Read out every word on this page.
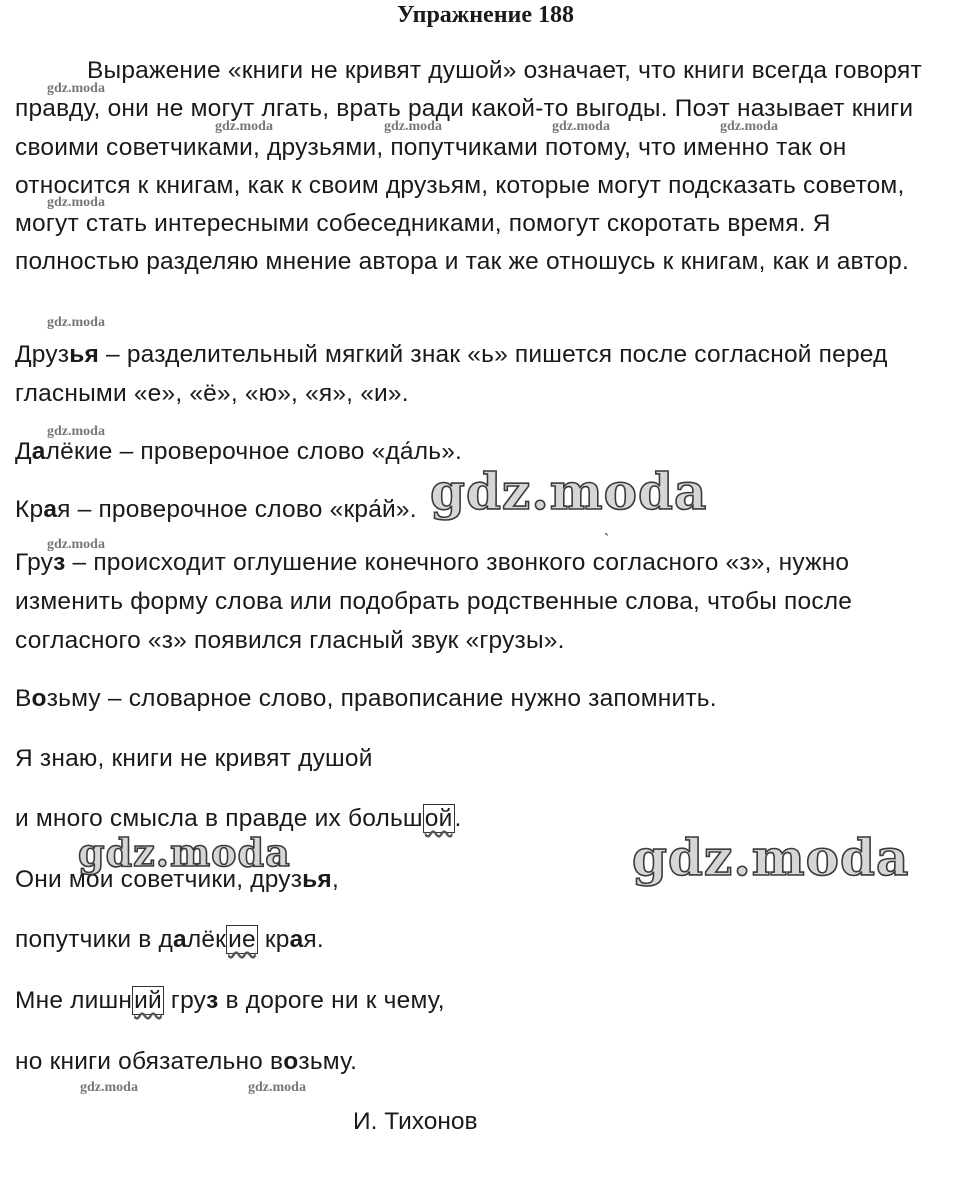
Упражнение 188
Выражение «книги не кривят душой» означает, что книги всегда говорят правду, они не могут лгать, врать ради какой-то выгоды. Поэт называет книги своими советчиками, друзьями, попутчиками потому, что именно так он относится к книгам, как к своим друзьям, которые могут подсказать советом, могут стать интересными собеседниками, помогут скоротать время. Я полностью разделяю мнение автора и так же отношусь к книгам, как и автор.
Друзья – разделительный мягкий знак «ь» пишется после согласной перед
гласными «е», «ё», «ю», «я», «и».
Далёкие – проверочное слово «да́ль».
Края – проверочное слово «кра́й».
`
Груз – происходит оглушение конечного звонкого согласного «з», нужно
изменить форму слова или подобрать родственные слова, чтобы после
согласного «з» появился гласный звук «грузы».
Возьму – словарное слово, правописание нужно запомнить.
Я знаю, книги не кривят душой
и много смысла в правде их большой.
Они мои советчики, друзья,
попутчики в далёкие края.
Мне лишний груз в дороге ни к чему,
но книги обязательно возьму.
И. Тихонов
gdz.moda
gdz.moda	gdz.moda	gdz.moda	gdz.moda
gdz.moda
gdz.moda
gdz.moda
gdz.moda
gdz.moda	gdz.moda
gdz.moda
gdz.moda	gdz.moda
